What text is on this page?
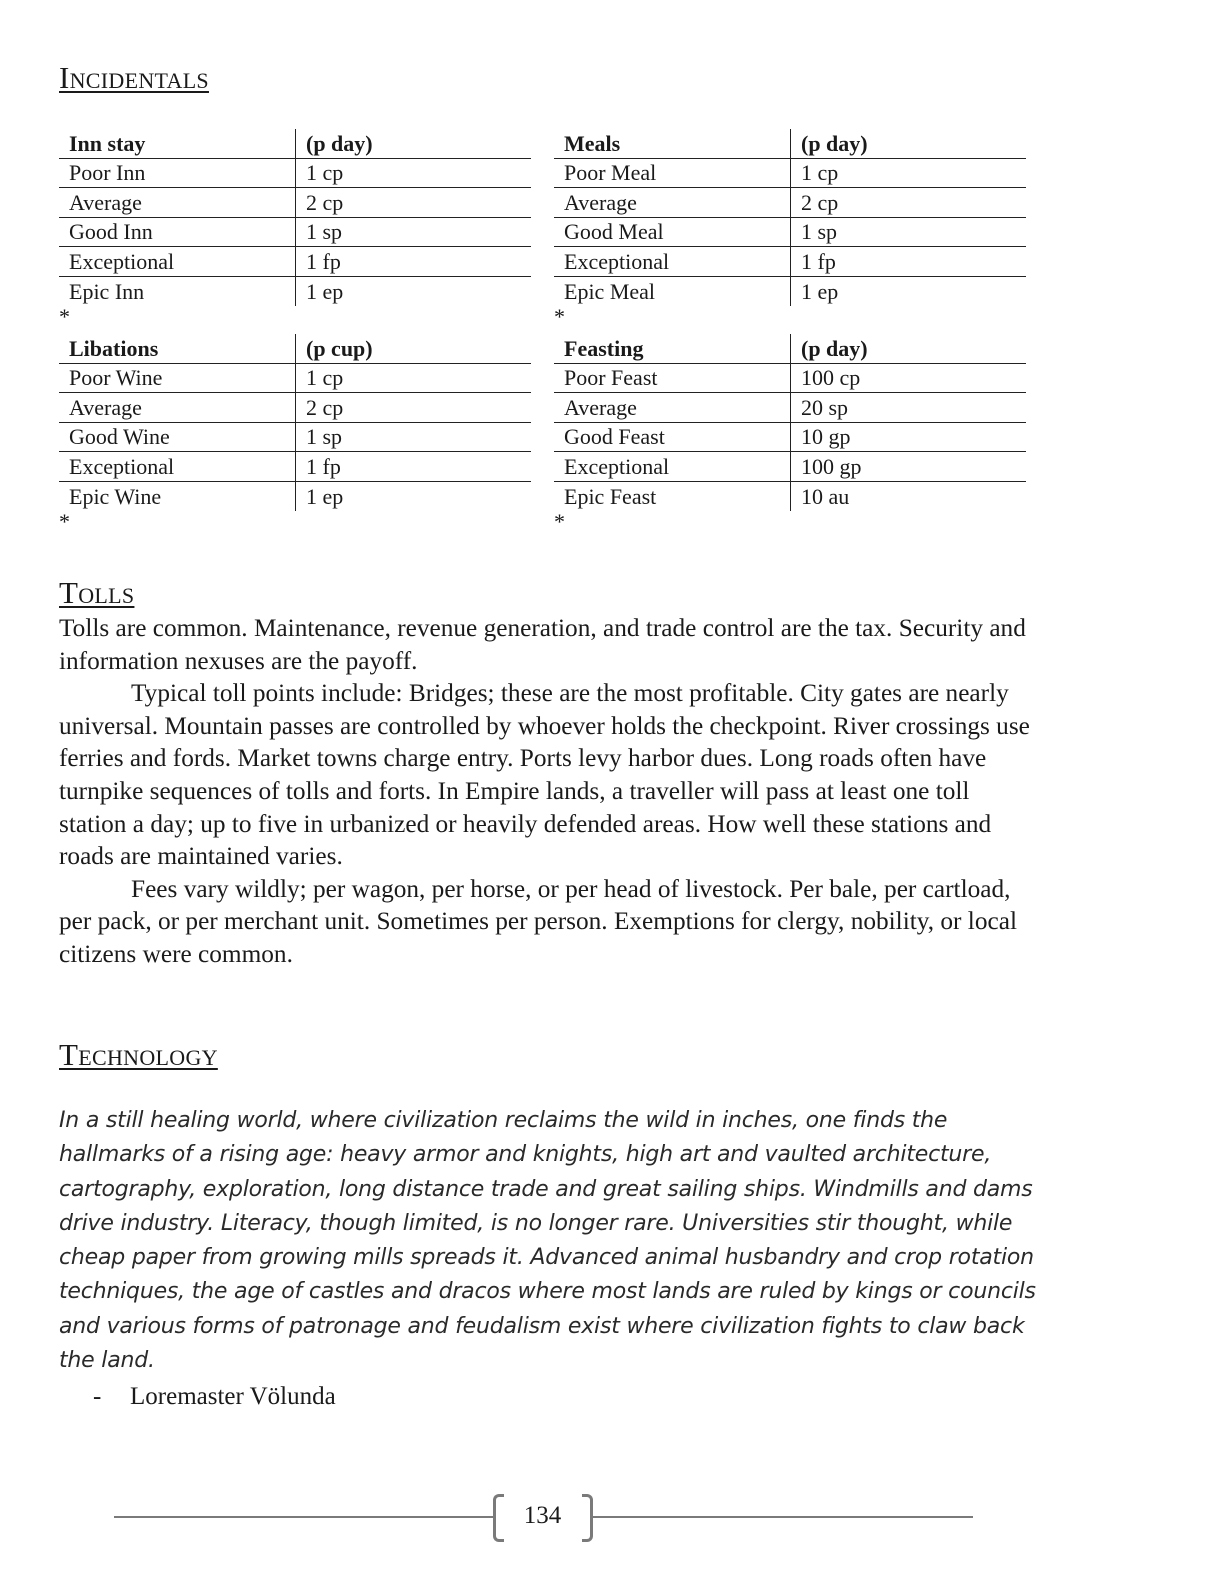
Incidentals
Inn stay	(p day)
Poor Inn	1 cp
Average	2 cp
Good Inn	1 sp
Exceptional	1 fp
Epic Inn	1 ep
*
Meals	(p day)
Poor Meal	1 cp
Average	2 cp
Good Meal	1 sp
Exceptional	1 fp
Epic Meal	1 ep
*
Libations	(p cup)
Poor Wine	1 cp
Average	2 cp
Good Wine	1 sp
Exceptional	1 fp
Epic Wine	1 ep
*
Feasting	(p day)
Poor Feast	100 cp
Average	20 sp
Good Feast	10 gp
Exceptional	100 gp
Epic Feast	10 au
*
Tolls

Tolls are common. Maintenance, revenue generation, and trade control are the tax. Security and information nexuses are the payoff.

Typical toll points include: Bridges; these are the most profitable. City gates are nearly universal. Mountain passes are controlled by whoever holds the checkpoint. River crossings use ferries and fords. Market towns charge entry. Ports levy harbor dues. Long roads often have turnpike sequences of tolls and forts. In Empire lands, a traveller will pass at least one toll station a day; up to five in urbanized or heavily defended areas. How well these stations and roads are maintained varies.

Fees vary wildly; per wagon, per horse, or per head of livestock. Per bale, per cartload, per pack, or per merchant unit. Sometimes per person. Exemptions for clergy, nobility, or local citizens were common.

Technology
In a still healing world, where civilization reclaims the wild in inches, one finds the hallmarks of a rising age: heavy armor and knights, high art and vaulted architecture, cartography, exploration, long distance trade and great sailing ships. Windmills and dams drive industry. Literacy, though limited, is no longer rare. Universities stir thought, while cheap paper from growing mills spreads it. Advanced animal husbandry and crop rotation techniques, the age of castles and dracos where most lands are ruled by kings or councils and various forms of patronage and feudalism exist where civilization fights to claw back the land.
- Loremaster Völunda
134
